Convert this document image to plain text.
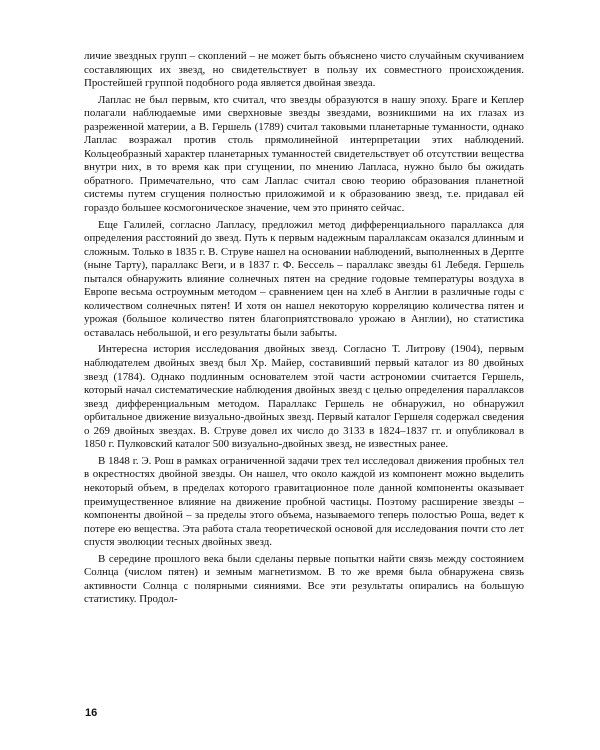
личие звездных групп – скоплений – не может быть объяснено чисто случайным скучиванием составляющих их звезд, но свидетельствует в пользу их совместного происхождения. Простейшей группой подобного рода является двойная звезда.

Лаплас не был первым, кто считал, что звезды образуются в нашу эпоху. Браге и Кеплер полагали наблюдаемые ими сверхновые звезды звездами, возникшими на их глазах из разреженной материи, а В. Гершель (1789) считал таковыми планетарные туманности, однако Лаплас возражал против столь прямолинейной интерпретации этих наблюдений. Кольцеобразный характер планетарных туманностей свидетельствует об отсутствии вещества внутри них, в то время как при сгущении, по мнению Лапласа, нужно было бы ожидать обратного. Примечательно, что сам Лаплас считал свою теорию образования планетной системы путем сгущения полностью приложимой и к образованию звезд, т.е. придавал ей гораздо большее космогоническое значение, чем это принято сейчас.

Еще Галилей, согласно Лапласу, предложил метод дифференциального параллакса для определения расстояний до звезд. Путь к первым надежным параллаксам оказался длинным и сложным. Только в 1835 г. В. Струве нашел на основании наблюдений, выполненных в Дерпте (ныне Тарту), параллакс Веги, и в 1837 г. Ф. Бессель – параллакс звезды 61 Лебедя. Гершель пытался обнаружить влияние солнечных пятен на средние годовые температуры воздуха в Европе весьма остроумным методом – сравнением цен на хлеб в Англии в различные годы с количеством солнечных пятен! И хотя он нашел некоторую корреляцию количества пятен и урожая (большое количество пятен благоприятствовало урожаю в Англии), но статистика оставалась небольшой, и его результаты были забыты.

Интересна история исследования двойных звезд. Согласно Т. Литрову (1904), первым наблюдателем двойных звезд был Хр. Майер, составивший первый каталог из 80 двойных звезд (1784). Однако подлинным основателем этой части астрономии считается Гершель, который начал систематические наблюдения двойных звезд с целью определения параллаксов звезд дифференциальным методом. Параллакс Гершель не обнаружил, но обнаружил орбитальное движение визуально-двойных звезд. Первый каталог Гершеля содержал сведения о 269 двойных звездах. В. Струве довел их число до 3133 в 1824–1837 гг. и опубликовал в 1850 г. Пулковский каталог 500 визуально-двойных звезд, не известных ранее.

В 1848 г. Э. Рош в рамках ограниченной задачи трех тел исследовал движения пробных тел в окрестностях двойной звезды. Он нашел, что около каждой из компонент можно выделить некоторый объем, в пределах которого гравитационное поле данной компоненты оказывает преимущественное влияние на движение пробной частицы. Поэтому расширение звезды – компоненты двойной – за пределы этого объема, называемого теперь полостью Роша, ведет к потере ею вещества. Эта работа стала теоретической основой для исследования почти сто лет спустя эволюции тесных двойных звезд.

В середине прошлого века были сделаны первые попытки найти связь между состоянием Солнца (числом пятен) и земным магнетизмом. В то же время была обнаружена связь активности Солнца с полярными сияниями. Все эти результаты опирались на большую статистику. Продол-

16
